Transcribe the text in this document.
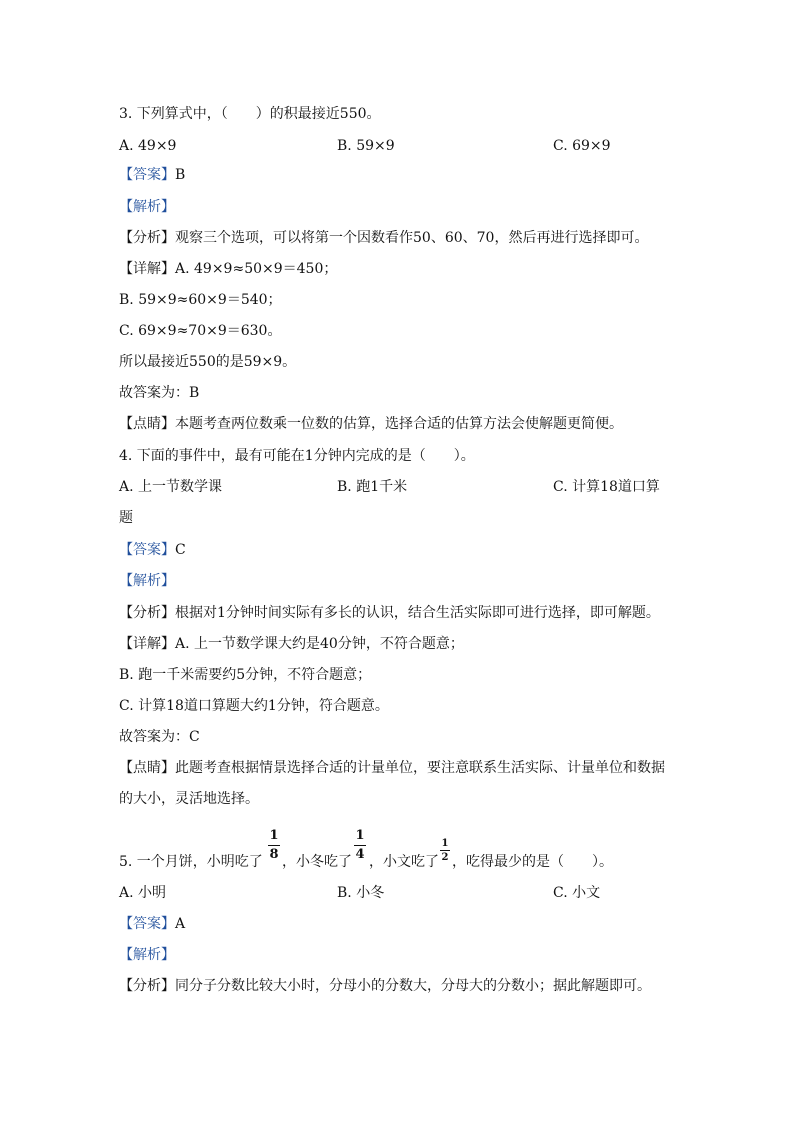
3. 下列算式中，（　　）的积最接近550。
A. 49×9	B. 59×9	C. 69×9
【答案】B
【解析】
【分析】观察三个选项，可以将第一个因数看作50、60、70，然后再进行选择即可。
【详解】A. 49×9≈50×9＝450；
B. 59×9≈60×9＝540；
C. 69×9≈70×9＝630。
所以最接近550的是59×9。
故答案为：B
【点睛】本题考查两位数乘一位数的估算，选择合适的估算方法会使解题更简便。
4. 下面的事件中，最有可能在1分钟内完成的是（　　）。
A. 上一节数学课	B. 跑1千米	C. 计算18道口算
题
【答案】C
【解析】
【分析】根据对1分钟时间实际有多长的认识，结合生活实际即可进行选择，即可解题。
【详解】A. 上一节数学课大约是40分钟，不符合题意；
B. 跑一千米需要约5分钟，不符合题意；
C. 计算18道口算题大约1分钟，符合题意。
故答案为：C
【点睛】此题考查根据情景选择合适的计量单位，要注意联系生活实际、计量单位和数据
的大小，灵活地选择。
5. 一个月饼，小明吃了
1
8 ，小冬吃了
1
4 ，小文吃了
1
2 ，吃得最少的是（　　）。
A. 小明	B. 小冬	C. 小文
【答案】A
【解析】
【分析】同分子分数比较大小时，分母小的分数大，分母大的分数小；据此解题即可。
